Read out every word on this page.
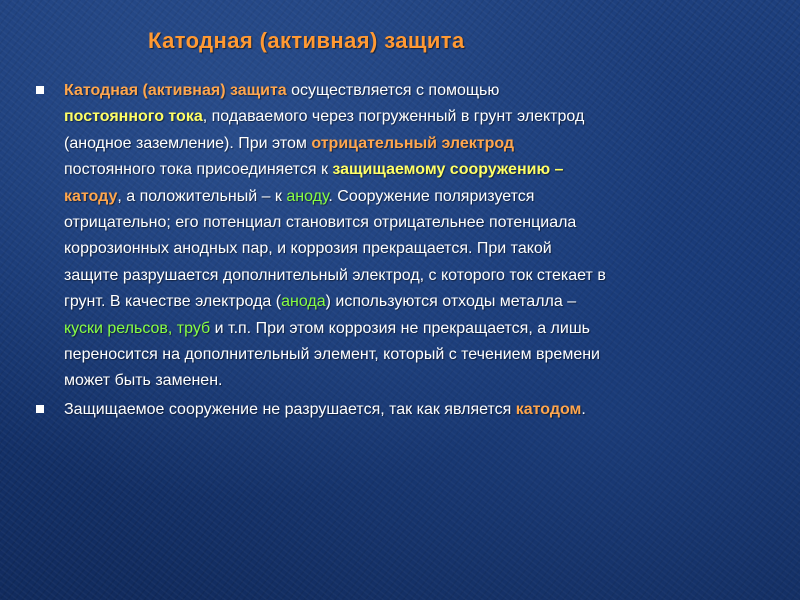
Катодная (активная) защита
Катодная (активная) защита осуществляется с помощью
постоянного тока, подаваемого через погруженный в грунт электрод
(анодное заземление). При этом отрицательный электрод
постоянного тока присоединяется к защищаемому сооружению –
катоду, а положительный – к аноду. Сооружение поляризуется
отрицательно; его потенциал становится отрицательнее потенциала
коррозионных анодных пар, и коррозия прекращается. При такой
защите разрушается дополнительный электрод, с которого ток стекает в
грунт. В качестве электрода (анода) используются отходы металла –
куски рельсов, труб и т.п. При этом коррозия не прекращается, а лишь
переносится на дополнительный элемент, который с течением времени
может быть заменен.
Защищаемое сооружение не разрушается, так как является катодом.
